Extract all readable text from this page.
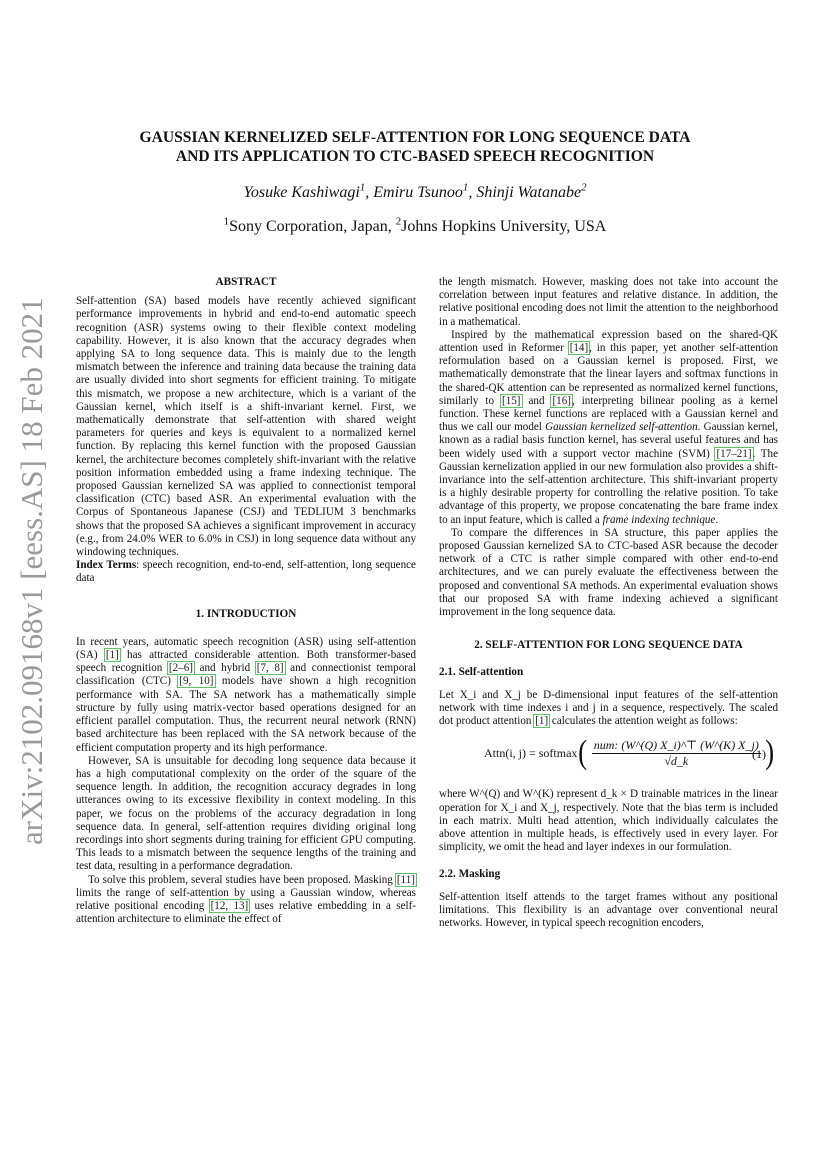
arXiv:2102.09168v1 [eess.AS] 18 Feb 2021
GAUSSIAN KERNELIZED SELF-ATTENTION FOR LONG SEQUENCE DATA
AND ITS APPLICATION TO CTC-BASED SPEECH RECOGNITION
Yosuke Kashiwagi$^1$, Emiru Tsunoo$^1$, Shinji Watanabe$^2$
$^1$Sony Corporation, Japan, $^2$Johns Hopkins University, USA

ABSTRACT

Self-attention (SA) based models have recently achieved significant performance improvements in hybrid and end-to-end automatic speech recognition (ASR) systems owing to their flexible context modeling capability. However, it is also known that the accuracy degrades when applying SA to long sequence data. This is mainly due to the length mismatch between the inference and training data because the training data are usually divided into short segments for efficient training. To mitigate this mismatch, we propose a new architecture, which is a variant of the Gaussian kernel, which itself is a shift-invariant kernel. First, we mathematically demonstrate that self-attention with shared weight parameters for queries and keys is equivalent to a normalized kernel function. By replacing this kernel function with the proposed Gaussian kernel, the architecture becomes completely shift-invariant with the relative position information embedded using a frame indexing technique. The proposed Gaussian kernelized SA was applied to connectionist temporal classification (CTC) based ASR. An experimental evaluation with the Corpus of Spontaneous Japanese (CSJ) and TEDLIUM 3 benchmarks shows that the proposed SA achieves a significant improvement in accuracy (e.g., from 24.0% WER to 6.0% in CSJ) in long sequence data without any windowing techniques.

Index Terms: speech recognition, end-to-end, self-attention, long sequence data

1. INTRODUCTION

In recent years, automatic speech recognition (ASR) using self-attention (SA) [1] has attracted considerable attention. Both transformer-based speech recognition [2–6] and hybrid [7, 8] and connectionist temporal classification (CTC) [9, 10] models have shown a high recognition performance with SA. The SA network has a mathematically simple structure by fully using matrix-vector based operations designed for an efficient parallel computation. Thus, the recurrent neural network (RNN) based architecture has been replaced with the SA network because of the efficient computation property and its high performance.

However, SA is unsuitable for decoding long sequence data because it has a high computational complexity on the order of the square of the sequence length. In addition, the recognition accuracy degrades in long utterances owing to its excessive flexibility in context modeling. In this paper, we focus on the problems of the accuracy degradation in long sequence data. In general, self-attention requires dividing original long recordings into short segments during training for efficient GPU computing. This leads to a mismatch between the sequence lengths of the training and test data, resulting in a performance degradation.

To solve this problem, several studies have been proposed. Masking [11] limits the range of self-attention by using a Gaussian window, whereas relative positional encoding [12, 13] uses relative embedding in a self-attention architecture to eliminate the effect of

the length mismatch. However, masking does not take into account the correlation between input features and relative distance. In addition, the relative positional encoding does not limit the attention to the neighborhood in a mathematical.

Inspired by the mathematical expression based on the shared-QK attention used in Reformer [14], in this paper, yet another self-attention reformulation based on a Gaussian kernel is proposed. First, we mathematically demonstrate that the linear layers and softmax functions in the shared-QK attention can be represented as normalized kernel functions, similarly to [15] and [16], interpreting bilinear pooling as a kernel function. These kernel functions are replaced with a Gaussian kernel and thus we call our model Gaussian kernelized self-attention. Gaussian kernel, known as a radial basis function kernel, has several useful features and has been widely used with a support vector machine (SVM) [17–21]. The Gaussian kernelization applied in our new formulation also provides a shift-invariance into the self-attention architecture. This shift-invariant property is a highly desirable property for controlling the relative position. To take advantage of this property, we propose concatenating the bare frame index to an input feature, which is called a frame indexing technique.

To compare the differences in SA structure, this paper applies the proposed Gaussian kernelized SA to CTC-based ASR because the decoder network of a CTC is rather simple compared with other end-to-end architectures, and we can purely evaluate the effectiveness between the proposed and conventional SA methods. An experimental evaluation shows that our proposed SA with frame indexing achieved a significant improvement in the long sequence data.

2. SELF-ATTENTION FOR LONG SEQUENCE DATA

2.1. Self-attention

Let X_i and X_j be D-dimensional input features of the self-attention network with time indexes i and j in a sequence, respectively. The scaled dot product attention [1] calculates the attention weight as follows:

Attn(i, j) = softmax ( $\frac{\text{num: (W\textasciicircum{}(Q) X\_i)\textasciicircum{}⊤ (W\textasciicircum{}(K) X\_j)}}{√d\_k}$ )
(1)

where W^(Q) and W^(K) represent d_k × D trainable matrices in the linear operation for X_i and X_j, respectively. Note that the bias term is included in each matrix. Multi head attention, which individually calculates the above attention in multiple heads, is effectively used in every layer. For simplicity, we omit the head and layer indexes in our formulation.

2.2. Masking

Self-attention itself attends to the target frames without any positional limitations. This flexibility is an advantage over conventional neural networks. However, in typical speech recognition encoders,
